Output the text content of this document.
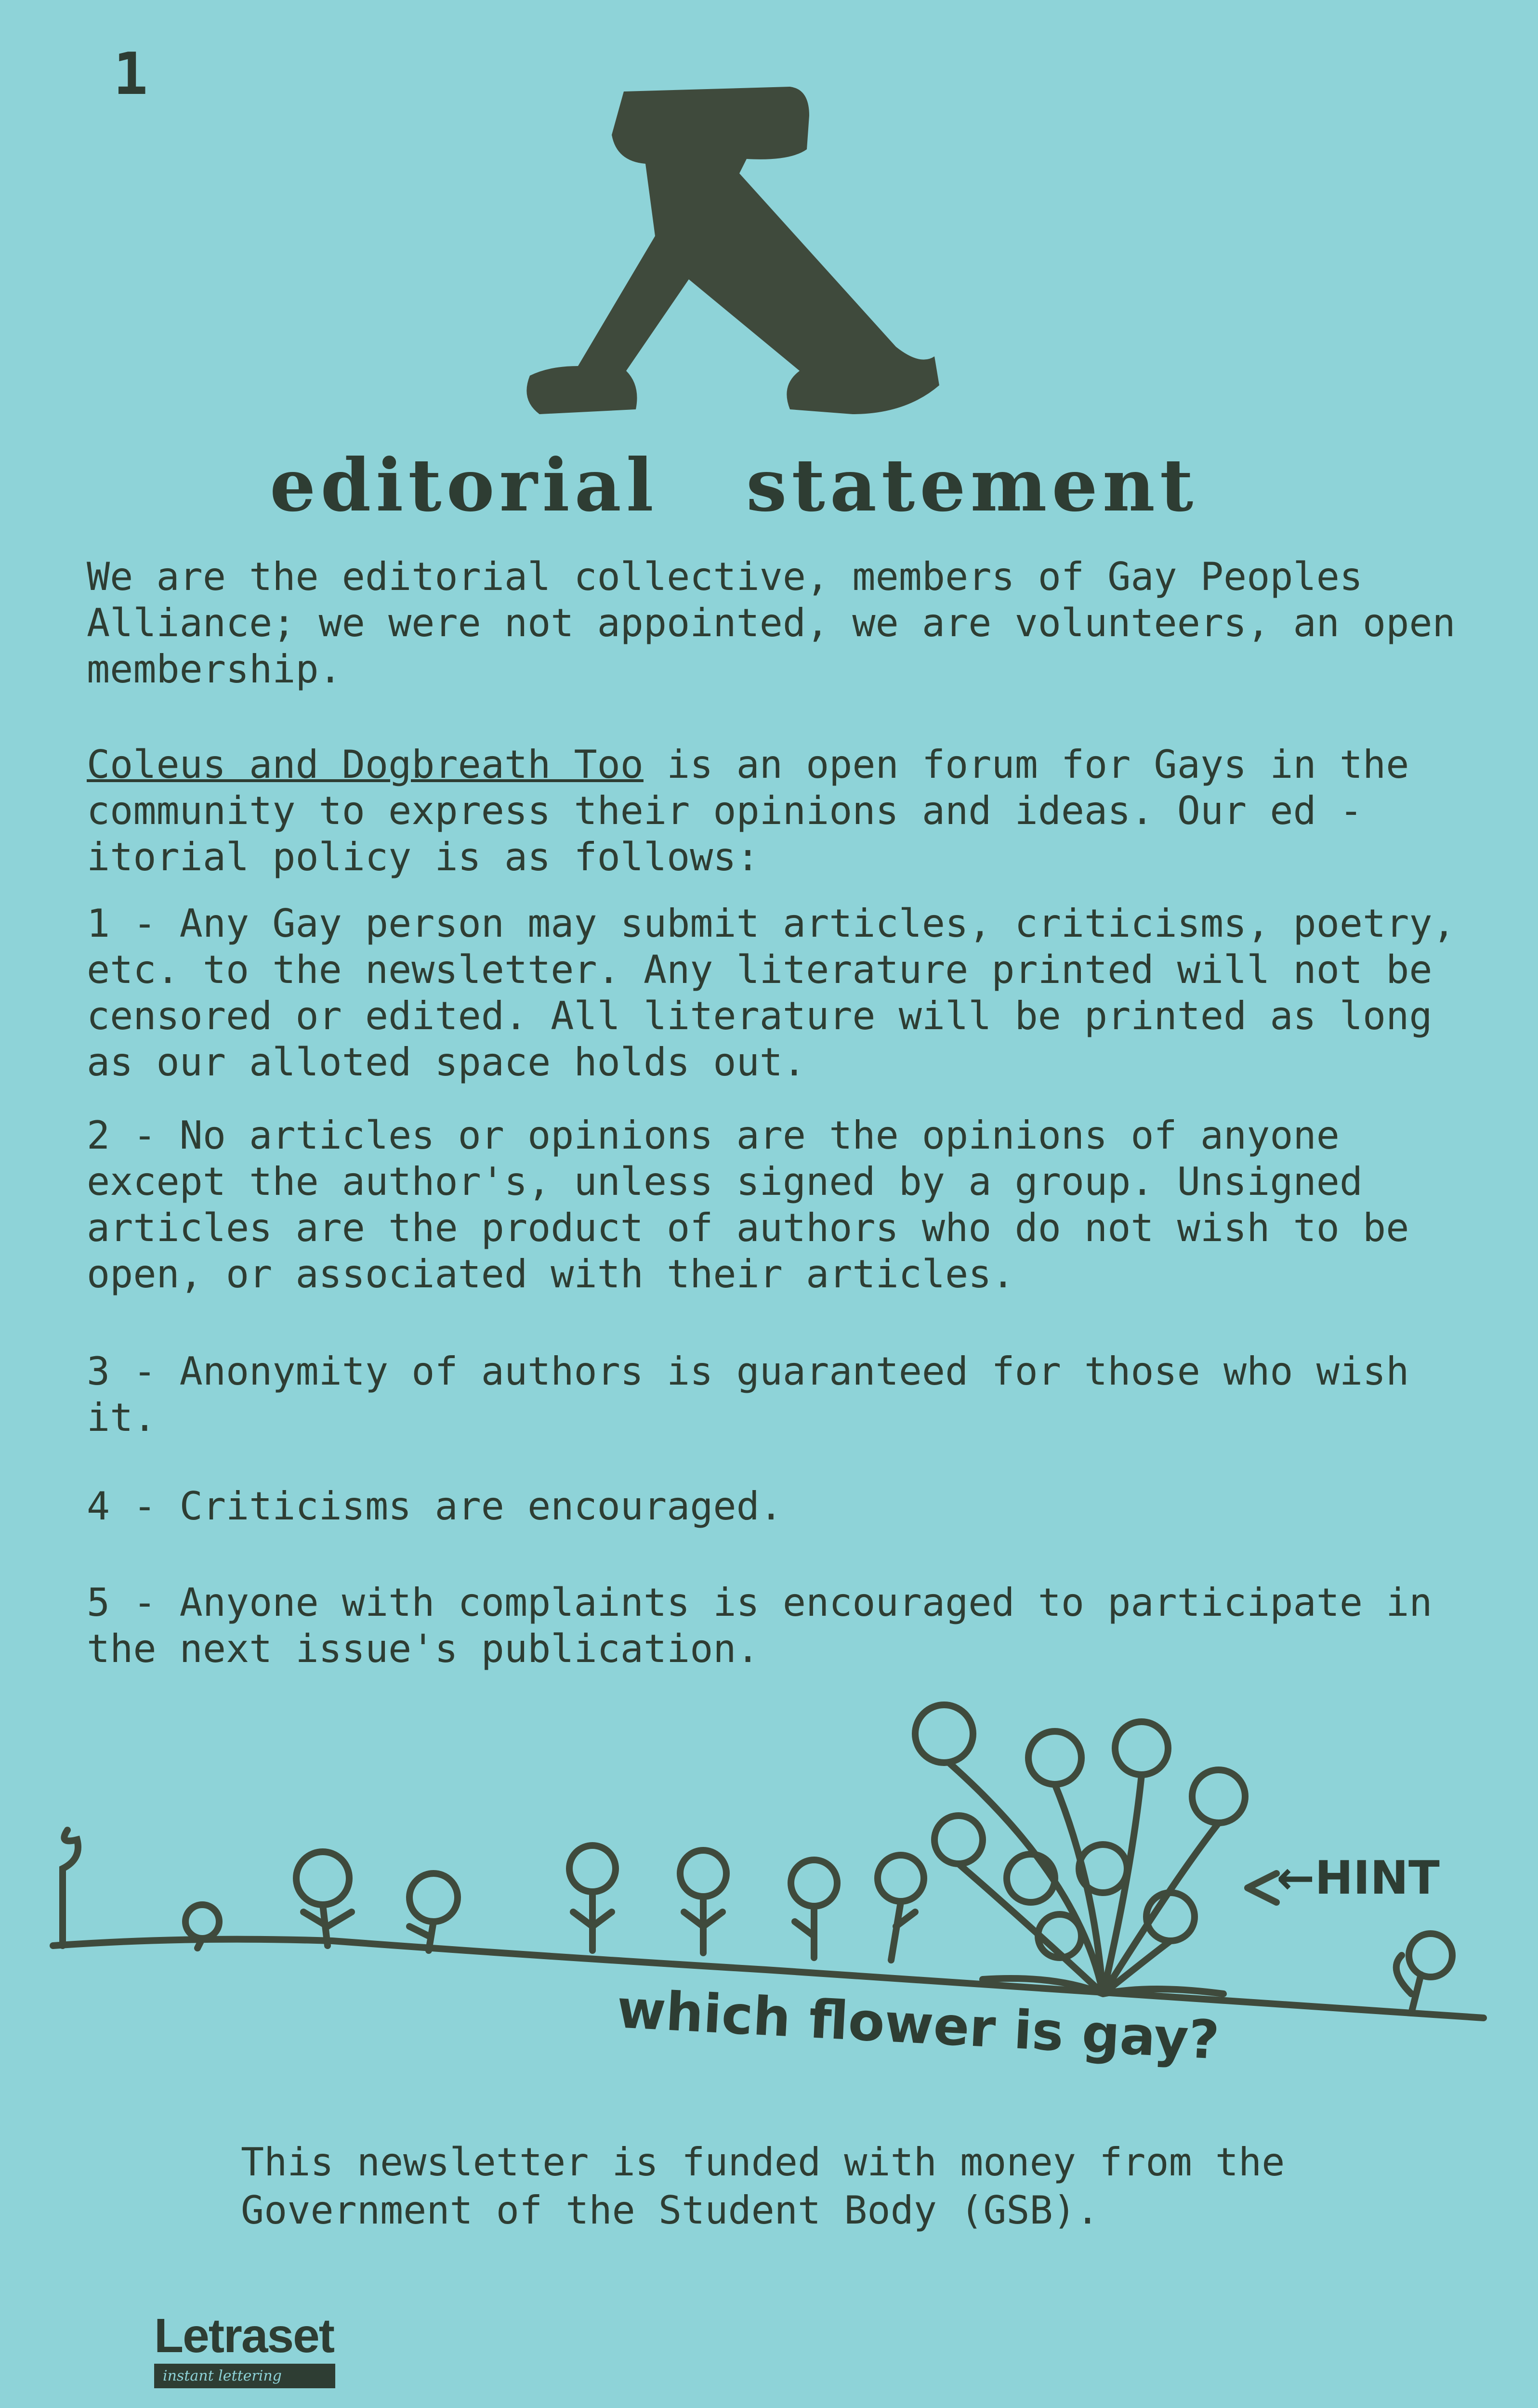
1
editorial statement
We are the editorial collective, members of Gay Peoples Alliance; we were not appointed, we are volunteers, an open membership.
Coleus and Dogbreath Too is an open forum for Gays in the community to express their opinions and ideas. Our ed -itorial policy is as follows:
1 - Any Gay person may submit articles, criticisms, poetry, etc. to the newsletter. Any literature printed will not be censored or edited. All literature will be printed as long as our alloted space holds out.
2 - No articles or opinions are the opinions of anyone except the author's, unless signed by a group. Unsigned articles are the product of authors who do not wish to be open, or associated with their articles.
3 - Anonymity of authors is guaranteed for those who wish it.
4 - Criticisms are encouraged.
5 - Anyone with complaints is encouraged to participate in the next issue's publication.
←HINT
which flower is gay?
This newsletter is funded with money from the Government of the Student Body (GSB).
Letraset
instant lettering
